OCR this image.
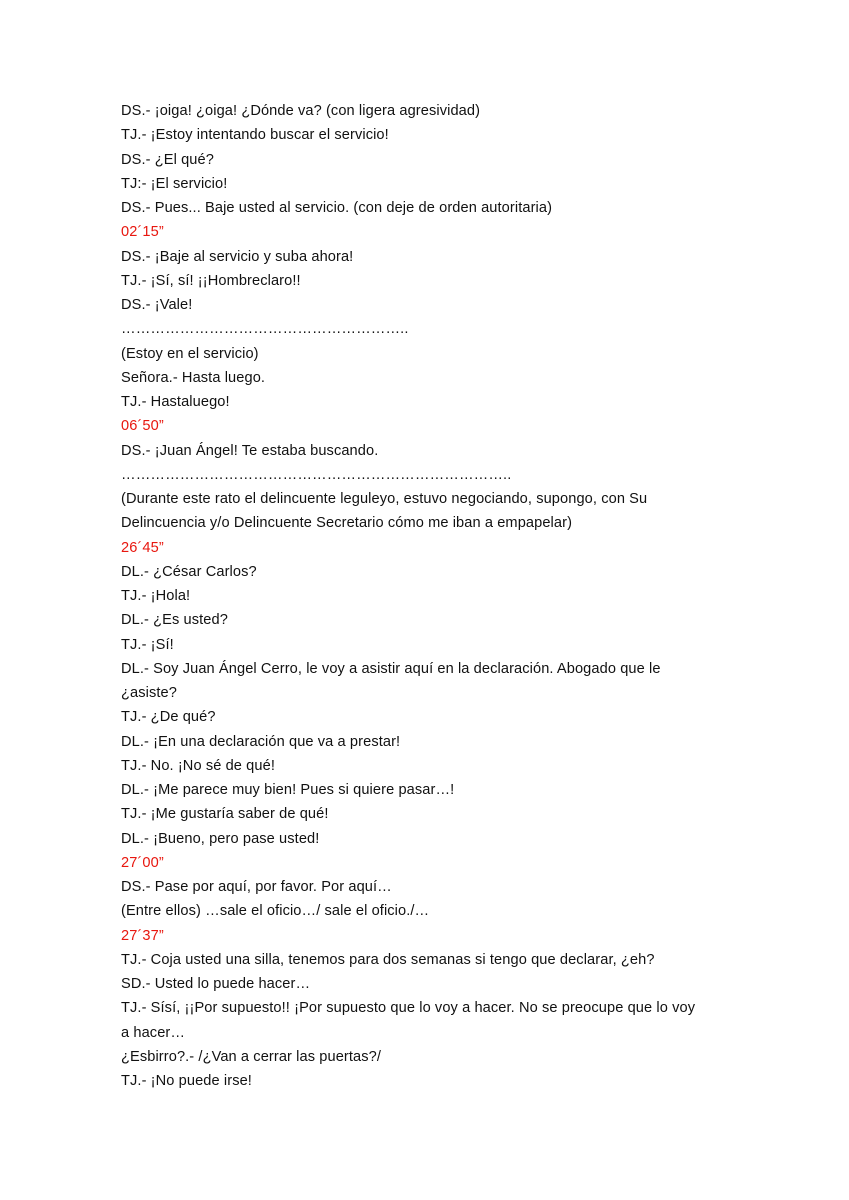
DS.- ¡oiga! ¿oiga! ¿Dónde va? (con ligera agresividad)
TJ.- ¡Estoy intentando buscar el servicio!
DS.- ¿El qué?
TJ:- ¡El servicio!
DS.- Pues... Baje usted al servicio. (con deje de orden autoritaria)
02´15”
DS.- ¡Baje al servicio y suba ahora!
TJ.- ¡Sí, sí! ¡¡Hombreclaro!!
DS.- ¡Vale!
…………………………………………………..
(Estoy en el servicio)
Señora.- Hasta luego.
TJ.- Hastaluego!
06´50”
DS.- ¡Juan Ángel! Te estaba buscando.
……………………………………………………………………..
(Durante este rato el delincuente leguleyo, estuvo negociando, supongo, con Su
Delincuencia y/o Delincuente Secretario cómo me iban a empapelar)
26´45”
DL.- ¿César Carlos?
TJ.- ¡Hola!
DL.- ¿Es usted?
TJ.- ¡Sí!
DL.- Soy Juan Ángel Cerro, le voy a asistir aquí en la declaración. Abogado que le
¿asiste?
TJ.- ¿De qué?
DL.- ¡En una declaración que va a prestar!
TJ.- No. ¡No sé de qué!
DL.- ¡Me parece muy bien! Pues si quiere pasar…!
TJ.- ¡Me gustaría saber de qué!
DL.- ¡Bueno, pero pase usted!
27´00”
DS.- Pase por aquí, por favor. Por aquí…
(Entre ellos) …sale el oficio…/ sale el oficio./…
27´37”
TJ.- Coja usted una silla, tenemos para dos semanas si tengo que declarar, ¿eh?
SD.- Usted lo puede hacer…
TJ.- Sísí, ¡¡Por supuesto!! ¡Por supuesto que lo voy a hacer. No se preocupe que lo voy
a hacer…
¿Esbirro?.- /¿Van a cerrar las puertas?/
TJ.- ¡No puede irse!
